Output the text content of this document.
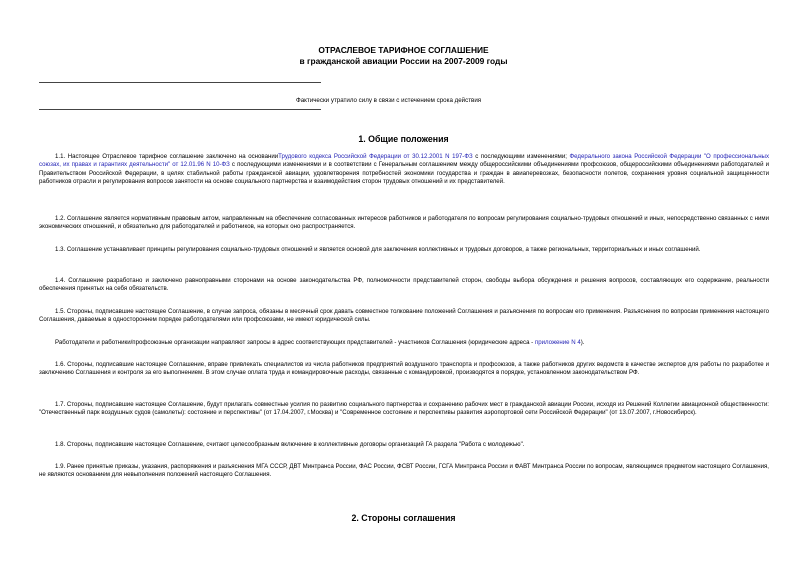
ОТРАСЛЕВОЕ ТАРИФНОЕ СОГЛАШЕНИЕ
в гражданской авиации России на 2007-2009 годы
Фактически утратило силу в связи с истечением срока действия
1. Общие положения

1.1. Настоящее Отраслевое тарифное соглашение заключено на основанииТрудового кодекса Российской Федерации от 30.12.2001 N 197-ФЗ с последующими изменениями; Федерального закона Российской Федерации "О профессиональных союзах, их правах и гарантиях деятельности" от 12.01.96 N 10-ФЗ с последующими изменениями и в соответствии с Генеральным соглашением между общероссийскими объединениями профсоюзов, общероссийскими объединениями работодателей и Правительством Российской Федерации, в целях стабильной работы гражданской авиации, удовлетворения потребностей экономики государства и граждан в авиаперевозках, безопасности полетов, сохранения уровня социальной защищенности работников отрасли и регулирования вопросов занятости на основе социального партнерства и взаимодействия сторон трудовых отношений и их представителей.

1.2. Соглашение является нормативным правовым актом, направленным на обеспечение согласованных интересов работников и работодателя по вопросам регулирования социально-трудовых отношений и иных, непосредственно связанных с ними экономических отношений, и обязательно для работодателей и работников, на которых оно распространяется.

1.3. Соглашение устанавливает принципы регулирования социально-трудовых отношений и является основой для заключения коллективных и трудовых договоров, а также региональных, территориальных и иных соглашений.

1.4. Соглашение разработано и заключено равноправными сторонами на основе законодательства РФ, полномочности представителей сторон, свободы выбора обсуждения и решения вопросов, составляющих его содержание, реальности обеспечения принятых на себя обязательств.

1.5. Стороны, подписавшие настоящее Соглашение, в случае запроса, обязаны в месячный срок давать совместное толкование положений Соглашения и разъяснения по вопросам его применения. Разъяснения по вопросам применения настоящего Соглашения, даваемые в одностороннем порядке работодателями или профсоюзами, не имеют юридической силы.

Работодатели и работники/профсоюзные организации направляют запросы в адрес соответствующих представителей - участников Соглашения (юридические адреса - приложение N 4).

1.6. Стороны, подписавшие настоящее Соглашение, вправе привлекать специалистов из числа работников предприятий воздушного транспорта и профсоюзов, а также работников других ведомств в качестве экспертов для работы по разработке и заключению Соглашения и контроля за его выполнением. В этом случае оплата труда и командировочные расходы, связанные с командировкой, производятся в порядке, установленном законодательством РФ.

1.7. Стороны, подписавшие настоящее Соглашение, будут прилагать совместные усилия по развитию социального партнерства и сохранению рабочих мест в гражданской авиации России, исходя из Решений Коллегии авиационной общественности: "Отечественный парк воздушных судов (самолеты): состояние и перспективы" (от 17.04.2007, г.Москва) и "Современное состояние и перспективы развития аэропортовой сети Российской Федерации" (от 13.07.2007, г.Новосибирск).

1.8. Стороны, подписавшие настоящее Соглашение, считают целесообразным включение в коллективные договоры организаций ГА раздела "Работа с молодежью".

1.9. Ранее принятые приказы, указания, распоряжения и разъяснения МГА СССР, ДВТ Минтранса России, ФАС России, ФСВТ России, ГСГА Минтранса России и ФАВТ Минтранса России по вопросам, являющимся предметом настоящего Соглашения, не являются основанием для невыполнения положений настоящего Соглашения.

2. Стороны соглашения
